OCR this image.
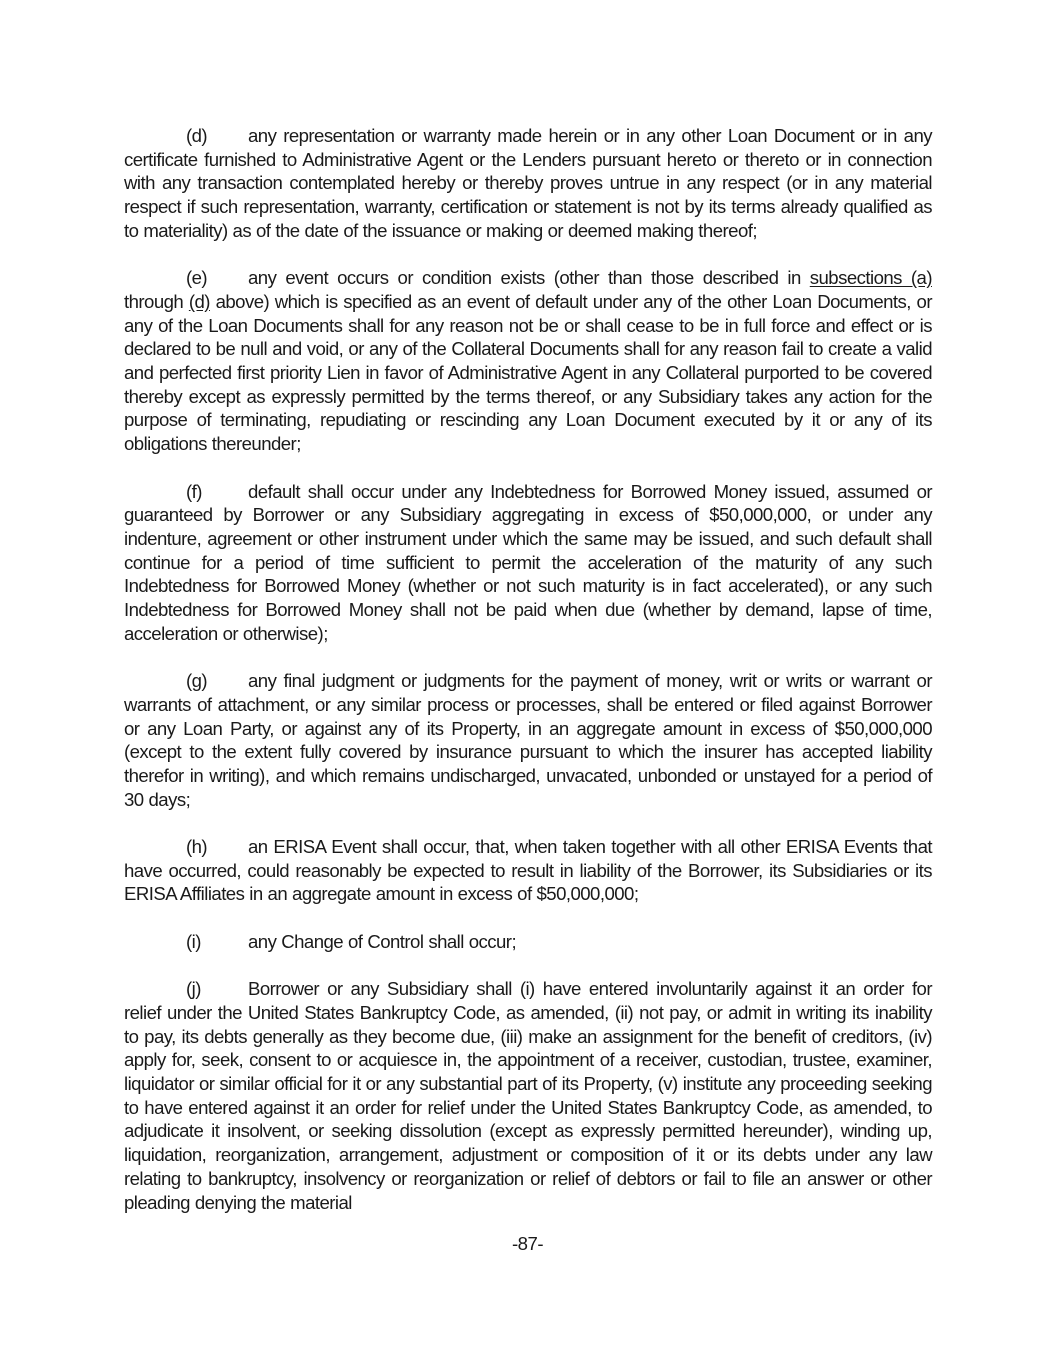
(d) any representation or warranty made herein or in any other Loan Document or in any certificate furnished to Administrative Agent or the Lenders pursuant hereto or thereto or in connection with any transaction contemplated hereby or thereby proves untrue in any respect (or in any material respect if such representation, warranty, certification or statement is not by its terms already qualified as to materiality) as of the date of the issuance or making or deemed making thereof;

(e) any event occurs or condition exists (other than those described in subsections (a) through (d) above) which is specified as an event of default under any of the other Loan Documents, or any of the Loan Documents shall for any reason not be or shall cease to be in full force and effect or is declared to be null and void, or any of the Collateral Documents shall for any reason fail to create a valid and perfected first priority Lien in favor of Administrative Agent in any Collateral purported to be covered thereby except as expressly permitted by the terms thereof, or any Subsidiary takes any action for the purpose of terminating, repudiating or rescinding any Loan Document executed by it or any of its obligations thereunder;

(f) default shall occur under any Indebtedness for Borrowed Money issued, assumed or guaranteed by Borrower or any Subsidiary aggregating in excess of $50,000,000, or under any indenture, agreement or other instrument under which the same may be issued, and such default shall continue for a period of time sufficient to permit the acceleration of the maturity of any such Indebtedness for Borrowed Money (whether or not such maturity is in fact accelerated), or any such Indebtedness for Borrowed Money shall not be paid when due (whether by demand, lapse of time, acceleration or otherwise);

(g) any final judgment or judgments for the payment of money, writ or writs or warrant or warrants of attachment, or any similar process or processes, shall be entered or filed against Borrower or any Loan Party, or against any of its Property, in an aggregate amount in excess of $50,000,000 (except to the extent fully covered by insurance pursuant to which the insurer has accepted liability therefor in writing), and which remains undischarged, unvacated, unbonded or unstayed for a period of 30 days;

(h) an ERISA Event shall occur, that, when taken together with all other ERISA Events that have occurred, could reasonably be expected to result in liability of the Borrower, its Subsidiaries or its ERISA Affiliates in an aggregate amount in excess of $50,000,000;

(i)	any Change of Control shall occur;

(j)	Borrower or any Subsidiary shall (i) have entered involuntarily against it an order for relief under the United States Bankruptcy Code, as amended, (ii) not pay, or admit in writing its inability to pay, its debts generally as they become due, (iii) make an assignment for the benefit of creditors, (iv) apply for, seek, consent to or acquiesce in, the appointment of a receiver, custodian, trustee, examiner, liquidator or similar official for it or any substantial part of its Property, (v) institute any proceeding seeking to have entered against it an order for relief under the United States Bankruptcy Code, as amended, to adjudicate it insolvent, or seeking dissolution (except as expressly permitted hereunder), winding up, liquidation, reorganization, arrangement, adjustment or composition of it or its debts under any law relating to bankruptcy, insolvency or reorganization or relief of debtors or fail to file an answer or other pleading denying the material

-87-
